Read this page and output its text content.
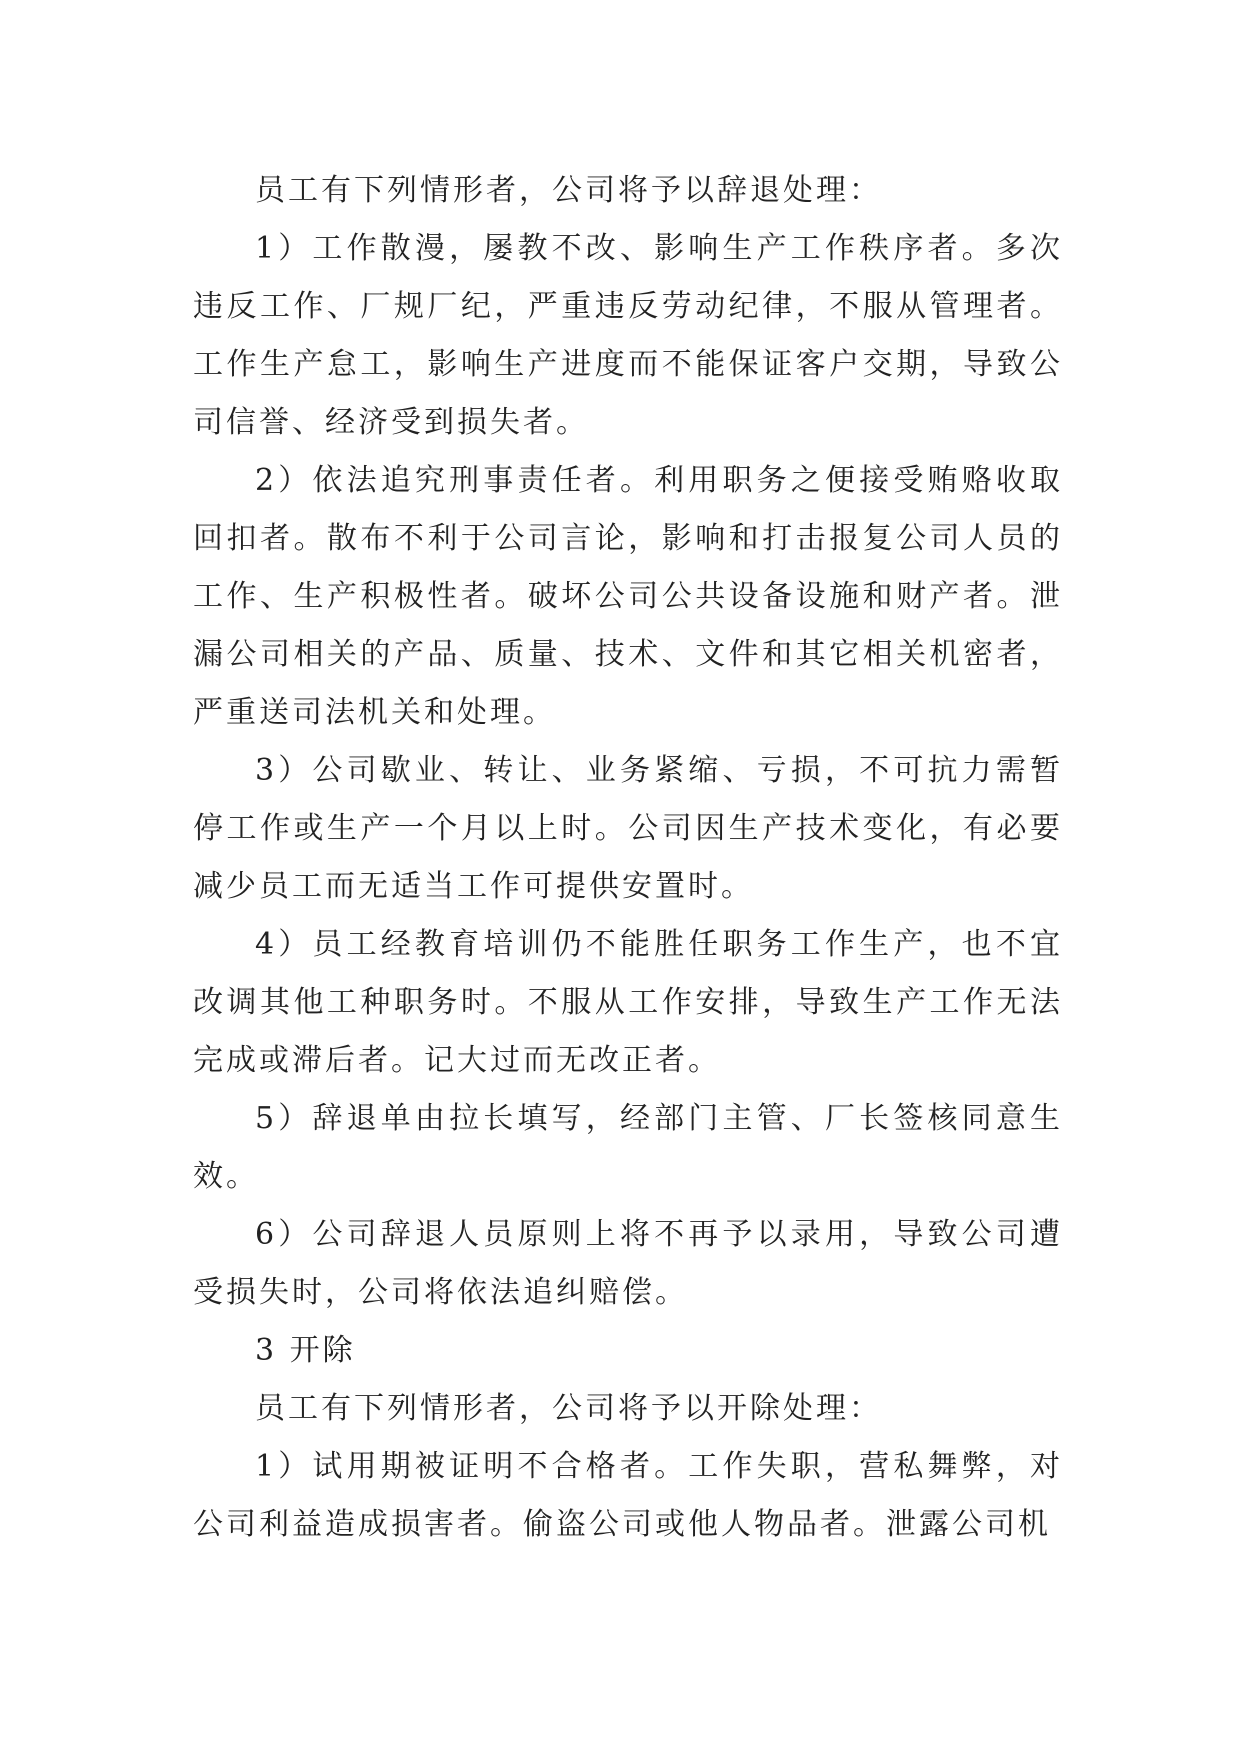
员工有下列情形者，公司将予以辞退处理：

1）工作散漫，屡教不改、影响生产工作秩序者。多次违反工作、厂规厂纪，严重违反劳动纪律，不服从管理者。工作生产怠工，影响生产进度而不能保证客户交期，导致公司信誉、经济受到损失者。

2）依法追究刑事责任者。利用职务之便接受贿赂收取回扣者。散布不利于公司言论，影响和打击报复公司人员的工作、生产积极性者。破坏公司公共设备设施和财产者。泄漏公司相关的产品、质量、技术、文件和其它相关机密者，严重送司法机关和处理。

3）公司歇业、转让、业务紧缩、亏损，不可抗力需暂停工作或生产一个月以上时。公司因生产技术变化，有必要减少员工而无适当工作可提供安置时。

4）员工经教育培训仍不能胜任职务工作生产，也不宜改调其他工种职务时。不服从工作安排，导致生产工作无法完成或滞后者。记大过而无改正者。

5）辞退单由拉长填写，经部门主管、厂长签核同意生效。

6）公司辞退人员原则上将不再予以录用，导致公司遭受损失时，公司将依法追纠赔偿。

3 开除

员工有下列情形者，公司将予以开除处理：

1）试用期被证明不合格者。工作失职，营私舞弊，对公司利益造成损害者。偷盗公司或他人物品者。泄露公司机
